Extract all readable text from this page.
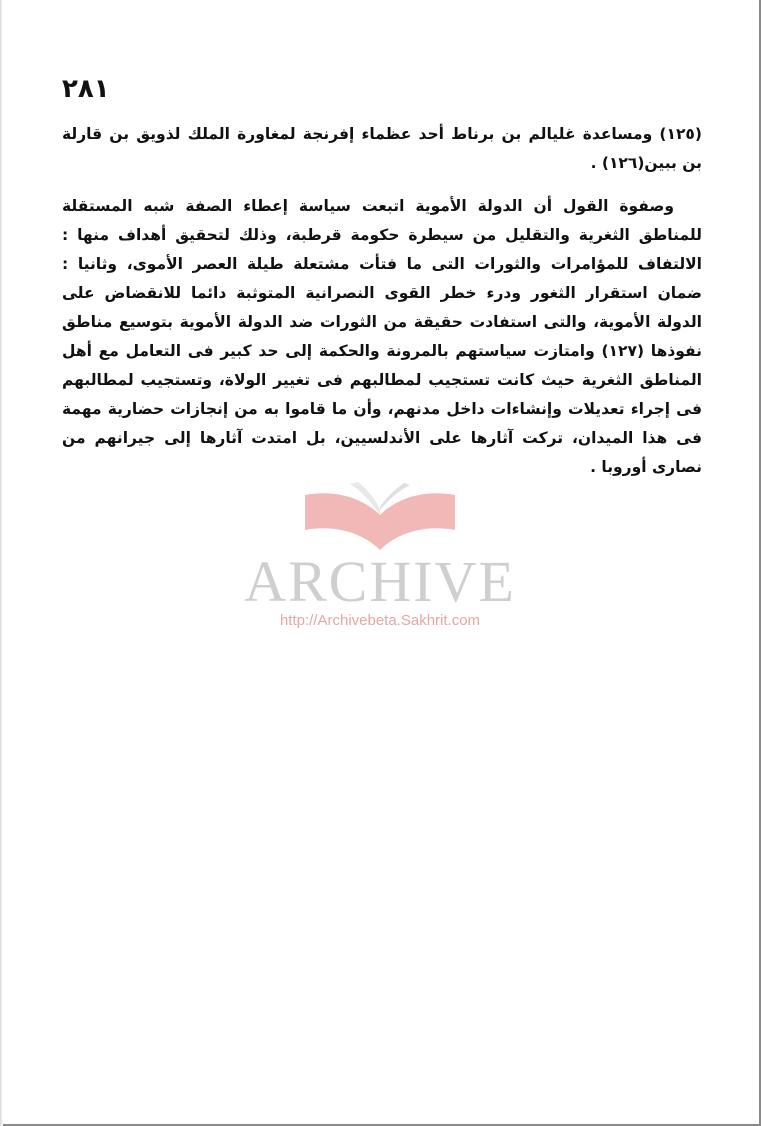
٢٨١

(١٢٥) ومساعدة غليالم بن برناط أحد عظماء إفرنجة لمغاورة الملك لذويق بن قارلة بن ببين(١٢٦) .

وصفوة القول أن الدولة الأموية اتبعت سياسة إعطاء الصفة شبه المستقلة للمناطق الثغرية والتقليل من سيطرة حكومة قرطبة، وذلك لتحقيق أهداف منها : الالتفاف للمؤامرات والثورات التى ما فتأت مشتعلة طيلة العصر الأموى، وثانيا : ضمان استقرار الثغور ودرء خطر القوى النصرانية المتوثبة دائما للانقضاض على الدولة الأموية، والتى استفادت حقيقة من الثورات ضد الدولة الأموية بتوسيع مناطق نفوذها (١٢٧) وامتازت سياستهم بالمرونة والحكمة إلى حد كبير فى التعامل مع أهل المناطق الثغرية حيث كانت تستجيب لمطالبهم فى تغيير الولاة، وتستجيب لمطالبهم فى إجراء تعديلات وإنشاءات داخل مدنهم، وأن ما قاموا به من إنجازات حضارية مهمة فى هذا الميدان، تركت آثارها على الأندلسيين، بل امتدت آثارها إلى جيرانهم من نصارى أوروبا .

ARCHIVE
http://Archivebeta.Sakhrit.com
